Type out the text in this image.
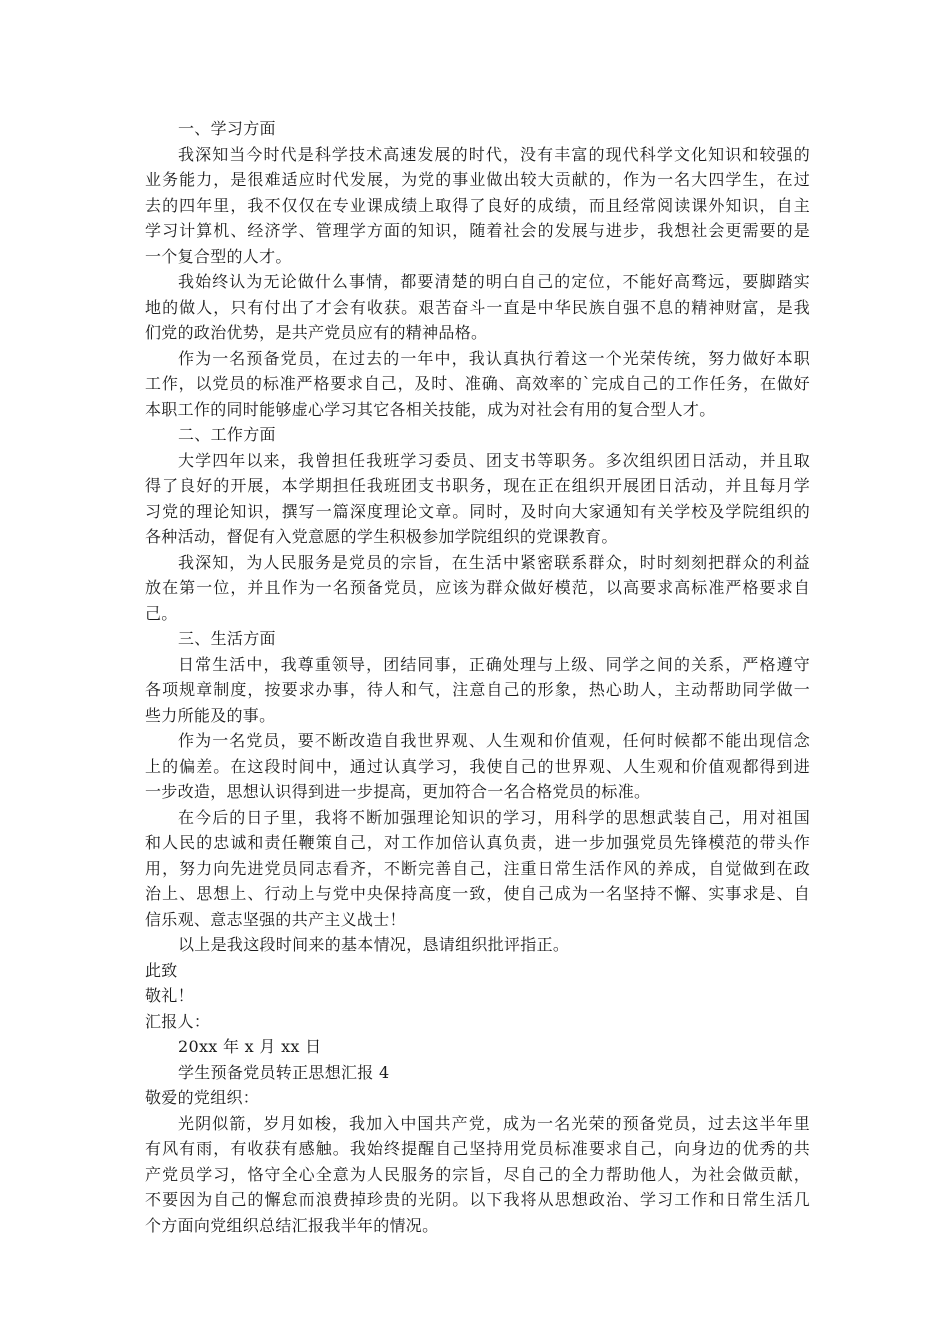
一、学习方面
我深知当今时代是科学技术高速发展的时代，没有丰富的现代科学文化知识和较强的
业务能力，是很难适应时代发展，为党的事业做出较大贡献的，作为一名大四学生，在过
去的四年里，我不仅仅在专业课成绩上取得了良好的成绩，而且经常阅读课外知识，自主
学习计算机、经济学、管理学方面的知识，随着社会的发展与进步，我想社会更需要的是
一个复合型的人才。
我始终认为无论做什么事情，都要清楚的明白自己的定位，不能好高骛远，要脚踏实
地的做人，只有付出了才会有收获。艰苦奋斗一直是中华民族自强不息的精神财富，是我
们党的政治优势，是共产党员应有的精神品格。
作为一名预备党员，在过去的一年中，我认真执行着这一个光荣传统，努力做好本职
工作，以党员的标准严格要求自己，及时、准确、高效率的`完成自己的工作任务，在做好
本职工作的同时能够虚心学习其它各相关技能，成为对社会有用的复合型人才。
二、工作方面
大学四年以来，我曾担任我班学习委员、团支书等职务。多次组织团日活动，并且取
得了良好的开展，本学期担任我班团支书职务，现在正在组织开展团日活动，并且每月学
习党的理论知识，撰写一篇深度理论文章。同时，及时向大家通知有关学校及学院组织的
各种活动，督促有入党意愿的学生积极参加学院组织的党课教育。
我深知，为人民服务是党员的宗旨，在生活中紧密联系群众，时时刻刻把群众的利益
放在第一位，并且作为一名预备党员，应该为群众做好模范，以高要求高标准严格要求自
己。
三、生活方面
日常生活中，我尊重领导，团结同事，正确处理与上级、同学之间的关系，严格遵守
各项规章制度，按要求办事，待人和气，注意自己的形象，热心助人，主动帮助同学做一
些力所能及的事。
作为一名党员，要不断改造自我世界观、人生观和价值观，任何时候都不能出现信念
上的偏差。在这段时间中，通过认真学习，我使自己的世界观、人生观和价值观都得到进
一步改造，思想认识得到进一步提高，更加符合一名合格党员的标准。
在今后的日子里，我将不断加强理论知识的学习，用科学的思想武装自己，用对祖国
和人民的忠诚和责任鞭策自己，对工作加倍认真负责，进一步加强党员先锋模范的带头作
用，努力向先进党员同志看齐，不断完善自己，注重日常生活作风的养成，自觉做到在政
治上、思想上、行动上与党中央保持高度一致，使自己成为一名坚持不懈、实事求是、自
信乐观、意志坚强的共产主义战士！
以上是我这段时间来的基本情况，恳请组织批评指正。
此致
敬礼！
汇报人：
20xx 年 x 月 xx 日
学生预备党员转正思想汇报 4
敬爱的党组织：
光阴似箭，岁月如梭，我加入中国共产党，成为一名光荣的预备党员，过去这半年里
有风有雨，有收获有感触。我始终提醒自己坚持用党员标准要求自己，向身边的优秀的共
产党员学习，恪守全心全意为人民服务的宗旨，尽自己的全力帮助他人，为社会做贡献，
不要因为自己的懈怠而浪费掉珍贵的光阴。以下我将从思想政治、学习工作和日常生活几
个方面向党组织总结汇报我半年的情况。
